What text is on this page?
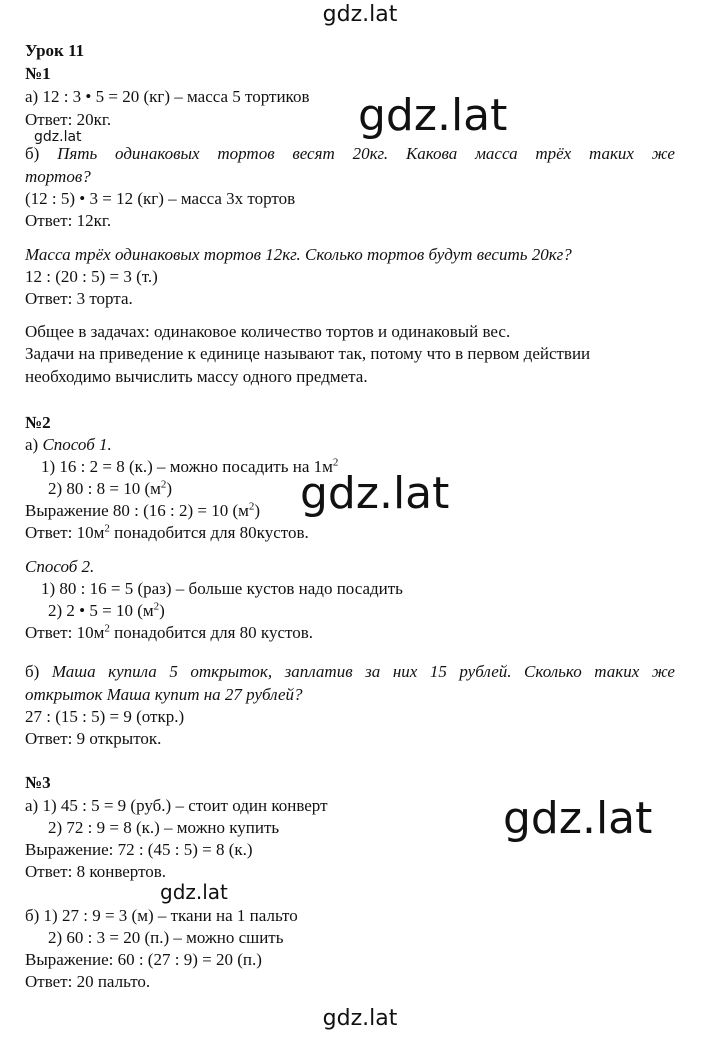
gdz.lat
Урок 11
№1
а) 12 : 3 • 5 = 20 (кг) – масса 5 тортиков
Ответ: 20кг.
б) Пять одинаковых тортов весят 20кг. Какова масса трёх таких же
тортов?
(12 : 5) • 3 = 12 (кг) – масса 3х тортов
Ответ: 12кг.
Масса трёх одинаковых тортов 12кг. Сколько тортов будут весить 20кг?
12 : (20 : 5) = 3 (т.)
Ответ: 3 торта.
Общее в задачах: одинаковое количество тортов и одинаковый вес.
Задачи на приведение к единице называют так, потому что в первом действии
необходимо вычислить массу одного предмета.
№2
а) Способ 1.
1) 16 : 2 = 8 (к.) – можно посадить на $1м^2$
2) 80 : 8 = 10 $(м^2)$
Выражение 80 : (16 : 2) = 10 $(м^2)$
Ответ: $10м^2$ понадобится для 80кустов.
Способ 2.
1) 80 : 16 = 5 (раз) – больше кустов надо посадить
2) 2 • 5 = 10 $(м^2)$
Ответ: $10м^2$ понадобится для 80 кустов.
б) Маша купила 5 открыток, заплатив за них 15 рублей. Сколько таких же
открыток Маша купит на 27 рублей?
27 : (15 : 5) = 9 (откр.)
Ответ: 9 открыток.
№3
а) 1) 45 : 5 = 9 (руб.) – стоит один конверт
2) 72 : 9 = 8 (к.) – можно купить
Выражение: 72 : (45 : 5) = 8 (к.)
Ответ: 8 конвертов.
б) 1) 27 : 9 = 3 (м) – ткани на 1 пальто
2) 60 : 3 = 20 (п.) – можно сшить
Выражение: 60 : (27 : 9) = 20 (п.)
Ответ: 20 пальто.
gdz.lat
gdz.lat
gdz.lat
gdz.lat
gdz.lat
gdz.lat
